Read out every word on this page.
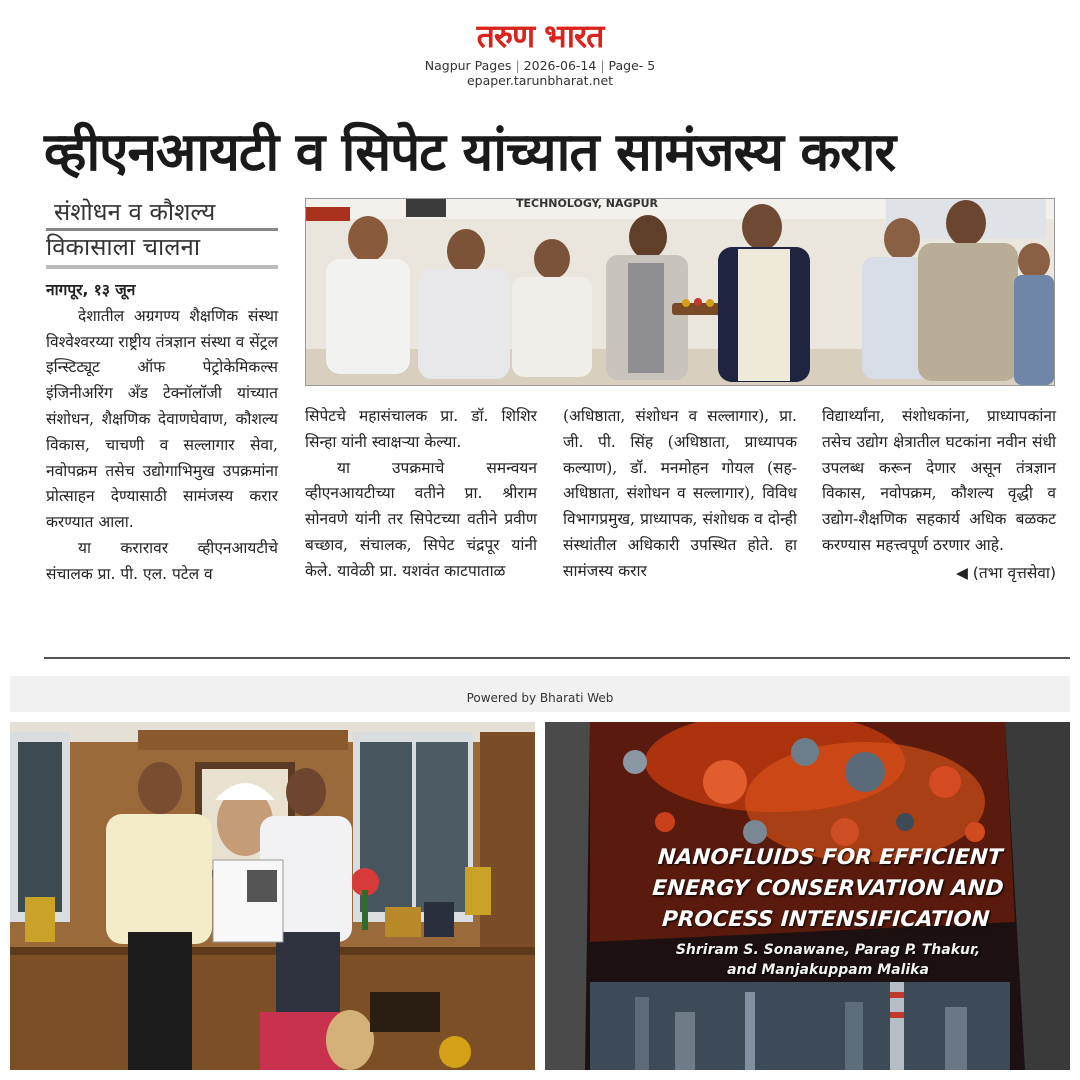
तरुण भारत
Nagpur Pages | 2026-06-14 | Page- 5
epaper.tarunbharat.net
व्हीएनआयटी व सिपेट यांच्यात सामंजस्य करार
संशोधन व कौशल्य
विकासाला चालना
नागपूर, १३ जून

देशातील अग्रगण्य शैक्षणिक संस्था विश्वेश्वरय्या राष्ट्रीय तंत्रज्ञान संस्था व सेंट्रल इन्स्टिट्यूट ऑफ पेट्रोकेमिकल्स इंजिनीअरिंग अँड टेक्नॉलॉजी यांच्यात संशोधन, शैक्षणिक देवाणघेवाण, कौशल्य विकास, चाचणी व सल्लागार सेवा, नवोपक्रम तसेच उद्योगाभिमुख उपक्रमांना प्रोत्साहन देण्यासाठी सामंजस्य करार करण्यात आला.

या करारावर व्हीएनआयटीचे संचालक प्रा. पी. एल. पटेल व

TECHNOLOGY, NAGPUR

सिपेटचे महासंचालक प्रा. डॉ. शिशिर सिन्हा यांनी स्वाक्षऱ्या केल्या.

या उपक्रमाचे समन्वयन व्हीएनआयटीच्या वतीने प्रा. श्रीराम सोनवणे यांनी तर सिपेटच्या वतीने प्रवीण बच्छाव, संचालक, सिपेट चंद्रपूर यांनी केले. यावेळी प्रा. यशवंत काटपाताळ

(अधिष्ठाता, संशोधन व सल्लागार), प्रा. जी. पी. सिंह (अधिष्ठाता, प्राध्यापक कल्याण), डॉ. मनमोहन गोयल (सह-अधिष्ठाता, संशोधन व सल्लागार), विविध विभागप्रमुख, प्राध्यापक, संशोधक व दोन्ही संस्थांतील अधिकारी उपस्थित होते. हा सामंजस्य करार

विद्यार्थ्यांना, संशोधकांना, प्राध्यापकांना तसेच उद्योग क्षेत्रातील घटकांना नवीन संधी उपलब्ध करून देणार असून तंत्रज्ञान विकास, नवोपक्रम, कौशल्य वृद्धी व उद्योग-शैक्षणिक सहकार्य अधिक बळकट करण्यास महत्त्वपूर्ण ठरणार आहे.

◀ (तभा वृत्तसेवा)
Powered by Bharati Web
NANOFLUIDS FOR EFFICIENT
ENERGY CONSERVATION AND
PROCESS INTENSIFICATION
Shriram S. Sonawane, Parag P. Thakur,
and Manjakuppam Malika
